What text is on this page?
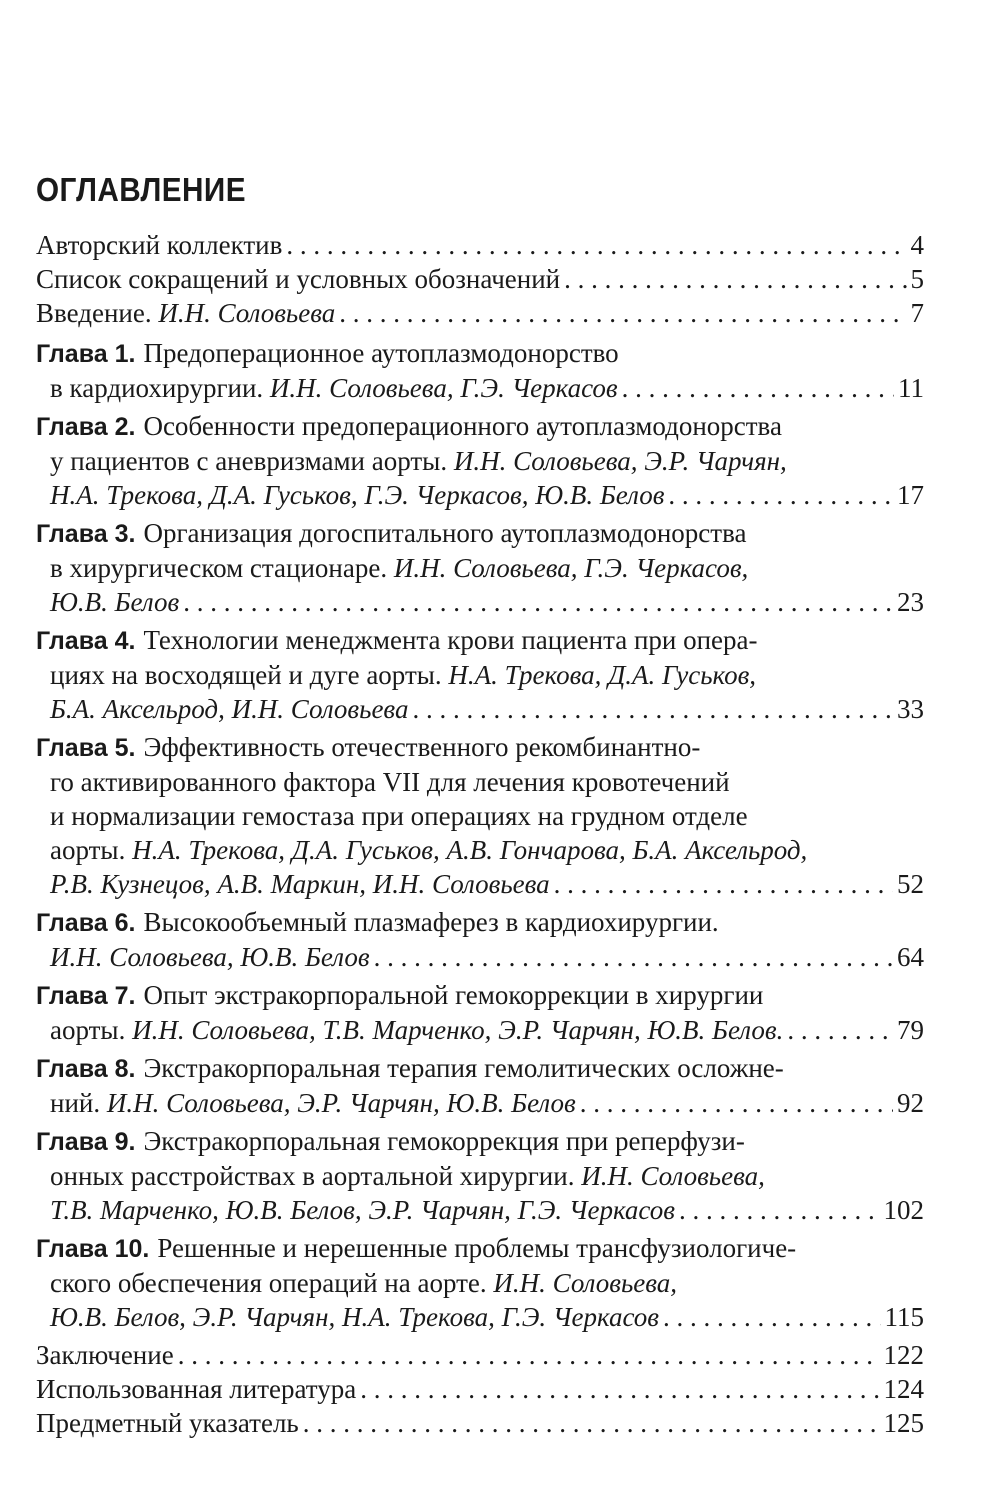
ОГЛАВЛЕНИЕ
Авторский коллектив . . .	4
Список сокращений и условных обозначений . . .	5
Введение.
И.Н. Соловьева . . .	7
Глава 1. Предоперационное аутоплазмодонорство
в кардиохирургии.
И.Н. Соловьева, Г.Э. Черкасов . . .	11
Глава 2. Особенности предоперационного аутоплазмодонорства
у пациентов с аневризмами аорты.
И.Н. Соловьева, Э.Р. Чарчян,
Н.А. Трекова, Д.А. Гуськов, Г.Э. Черкасов, Ю.В. Белов . . .	17
Глава 3. Организация догоспитального аутоплазмодонорства
в хирургическом стационаре.
И.Н. Соловьева, Г.Э. Черкасов,
Ю.В. Белов . . .	23
Глава 4. Технологии менеджмента крови пациента при опера-
циях на восходящей и дуге аорты.
Н.А. Трекова, Д.А. Гуськов,
Б.А. Аксельрод, И.Н. Соловьева . . .	33
Глава 5. Эффективность отечественного рекомбинантно-
го активированного фактора VII для лечения кровотечений
и нормализации гемостаза при операциях на грудном отделе
аорты.
Н.А. Трекова, Д.А. Гуськов, А.В. Гончарова, Б.А. Аксельрод,
Р.В. Кузнецов, А.В. Маркин, И.Н. Соловьева . . .	52
Глава 6. Высокообъемный плазмаферез в кардиохирургии.
И.Н. Соловьева, Ю.В. Белов . . .	64
Глава 7. Опыт экстракорпоральной гемокоррекции в хирургии
аорты.
И.Н. Соловьева, Т.В. Марченко, Э.Р. Чарчян, Ю.В. Белов. . . .	79
Глава 8. Экстракорпоральная терапия гемолитических осложне-
ний.
И.Н. Соловьева, Э.Р. Чарчян, Ю.В. Белов . . .	92
Глава 9. Экстракорпоральная гемокоррекция при реперфузи-
онных расстройствах в аортальной хирургии.
И.Н. Соловьева,
Т.В. Марченко, Ю.В. Белов, Э.Р. Чарчян, Г.Э. Черкасов . . .	102
Глава 10. Решенные и нерешенные проблемы трансфузиологиче-
ского обеспечения операций на аорте.
И.Н. Соловьева,
Ю.В. Белов, Э.Р. Чарчян, Н.А. Трекова, Г.Э. Черкасов . . .	115
Заключение . . .	122
Использованная литература . . .	124
Предметный указатель . . .	125
